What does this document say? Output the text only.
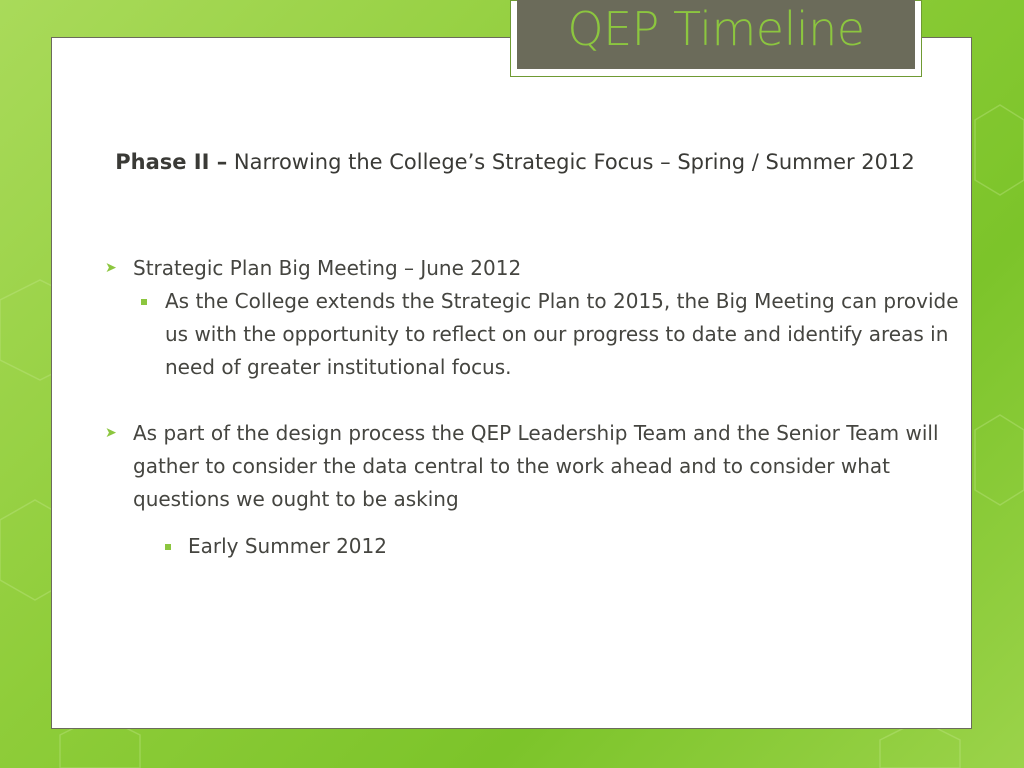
QEP Timeline
Phase II – Narrowing the College’s Strategic Focus – Spring / Summer 2012
➤ Strategic Plan Big Meeting – June 2012
As the College extends the Strategic Plan to 2015, the Big Meeting can provide us with the opportunity to reflect on our progress to date and identify areas in need of greater institutional focus.
➤ As part of the design process the QEP Leadership Team and the Senior Team will gather to consider the data central to the work ahead and to consider what questions we ought to be asking
Early Summer 2012
